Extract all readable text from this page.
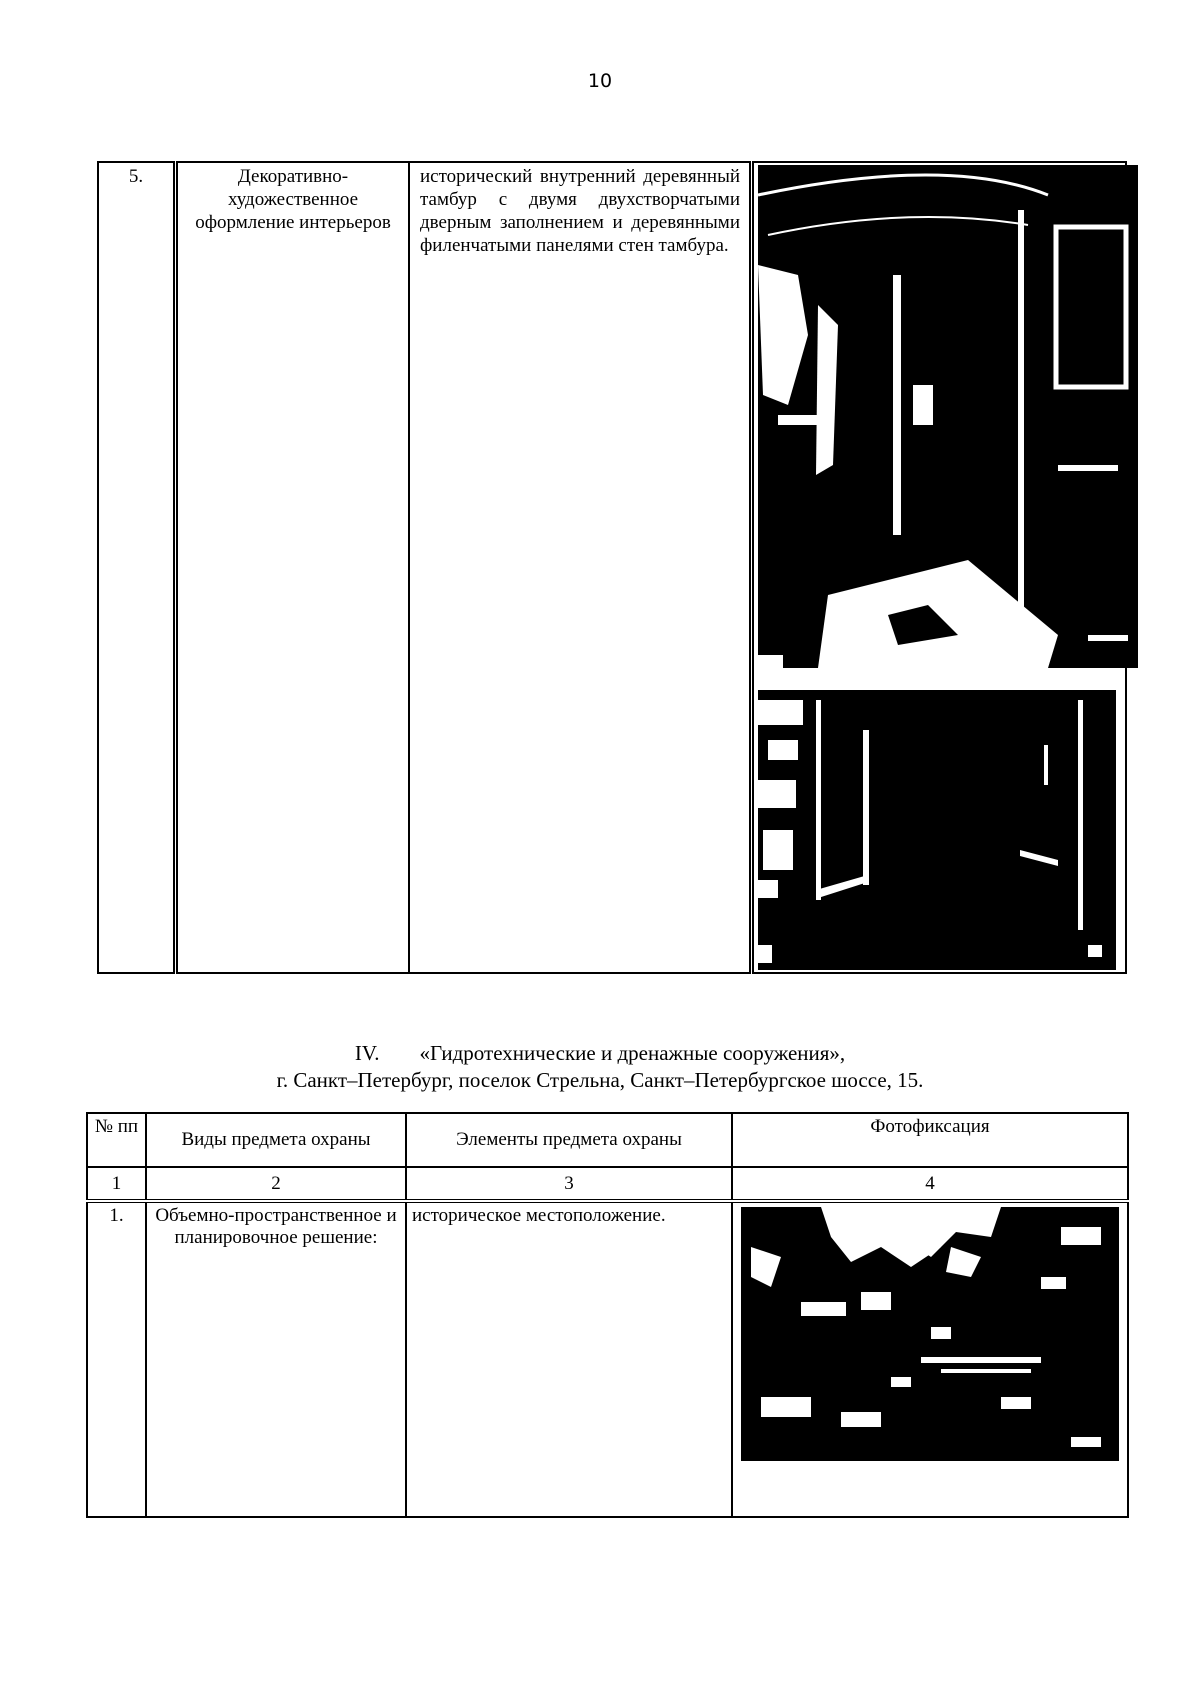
10
5.	Декоративно-художественное оформление интерьеров	исторический внутренний деревянный тамбур с двумя двухстворчатыми дверным заполнением и деревянными филенчатыми панелями стен тамбура.	
IV. «Гидротехнические и дренажные сооружения»,
г. Санкт–Петербург, поселок Стрельна, Санкт–Петербургское шоссе, 15.
№ пп	Виды предмета охраны	Элементы предмета охраны	Фотофиксация
1	2	3	4
1.	Объемно-пространственное и планировочное решение:	историческое местоположение.	
